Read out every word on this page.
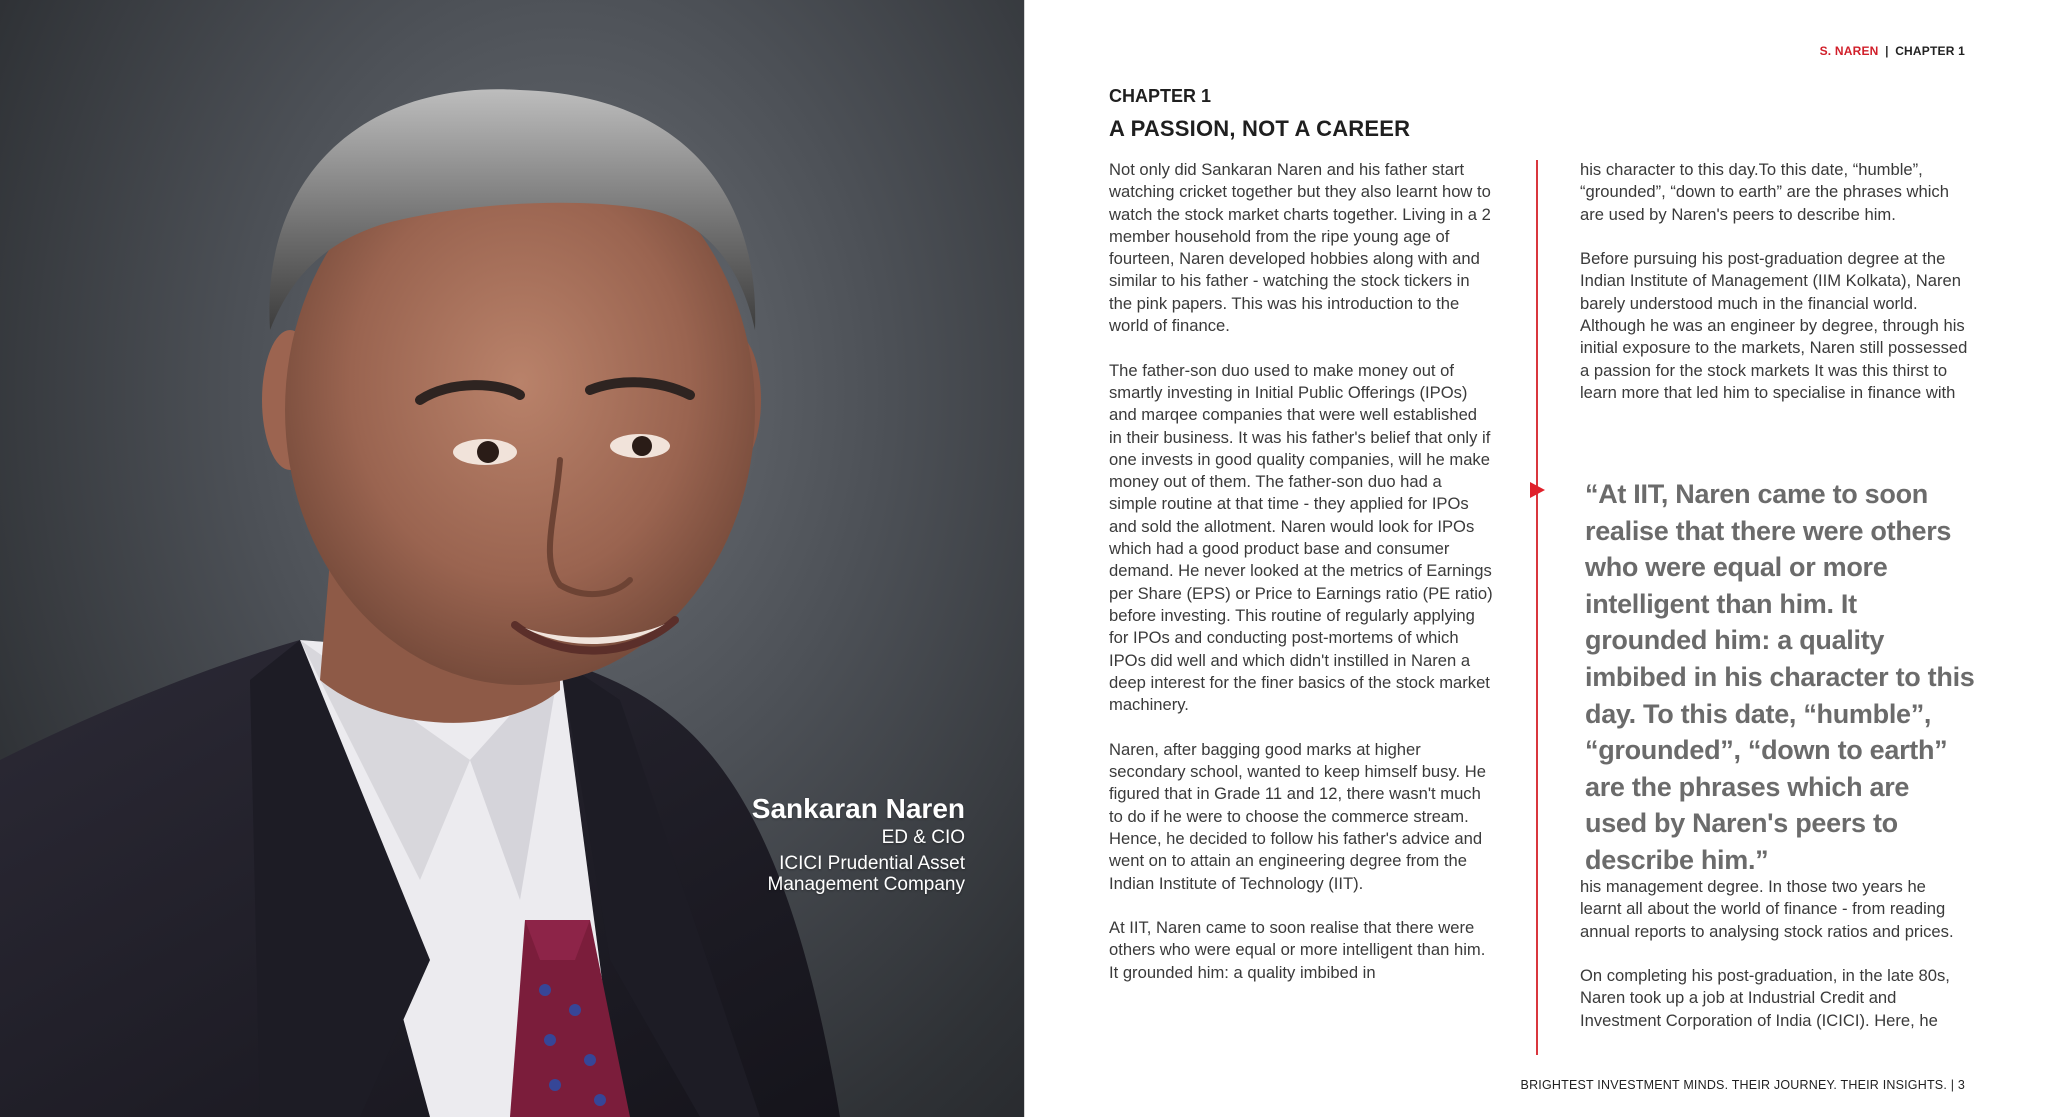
Sankaran Naren
ED & CIO
ICICI Prudential Asset
Management Company
S. NAREN | CHAPTER 1
CHAPTER 1
A PASSION, NOT A CAREER

Not only did Sankaran Naren and his father start watching cricket together but they also learnt how to watch the stock market charts together. Living in a 2 member household from the ripe young age of fourteen, Naren developed hobbies along with and similar to his father - watching the stock tickers in the pink papers. This was his introduction to the world of finance.

The father-son duo used to make money out of smartly investing in Initial Public Offerings (IPOs) and marqee companies that were well established in their business. It was his father's belief that only if one invests in good quality companies, will he make money out of them. The father-son duo had a simple routine at that time - they applied for IPOs and sold the allotment. Naren would look for IPOs which had a good product base and consumer demand. He never looked at the metrics of Earnings per Share (EPS) or Price to Earnings ratio (PE ratio) before investing. This routine of regularly applying for IPOs and conducting post-mortems of which IPOs did well and which didn't instilled in Naren a deep interest for the finer basics of the stock market machinery.

Naren, after bagging good marks at higher secondary school, wanted to keep himself busy. He figured that in Grade 11 and 12, there wasn't much to do if he were to choose the commerce stream. Hence, he decided to follow his father's advice and went on to attain an engineering degree from the Indian Institute of Technology (IIT).

At IIT, Naren came to soon realise that there were others who were equal or more intelligent than him. It grounded him: a quality imbibed in

his character to this day.To this date, “humble”, “grounded”, “down to earth” are the phrases which are used by Naren's peers to describe him.

Before pursuing his post-graduation degree at the Indian Institute of Management (IIM Kolkata), Naren barely understood much in the financial world. Although he was an engineer by degree, through his initial exposure to the markets, Naren still possessed a passion for the stock markets It was this thirst to learn more that led him to specialise in finance with

“At IIT, Naren came to soon realise that there were others who were equal or more intelligent than him. It grounded him: a quality imbibed in his character to this day. To this date, “humble”, “grounded”, “down to earth” are the phrases which are used by Naren's peers to describe him.”

his management degree. In those two years he learnt all about the world of finance - from reading annual reports to analysing stock ratios and prices.

On completing his post-graduation, in the late 80s, Naren took up a job at Industrial Credit and Investment Corporation of India (ICICI). Here, he

BRIGHTEST INVESTMENT MINDS. THEIR JOURNEY. THEIR INSIGHTS. | 3
